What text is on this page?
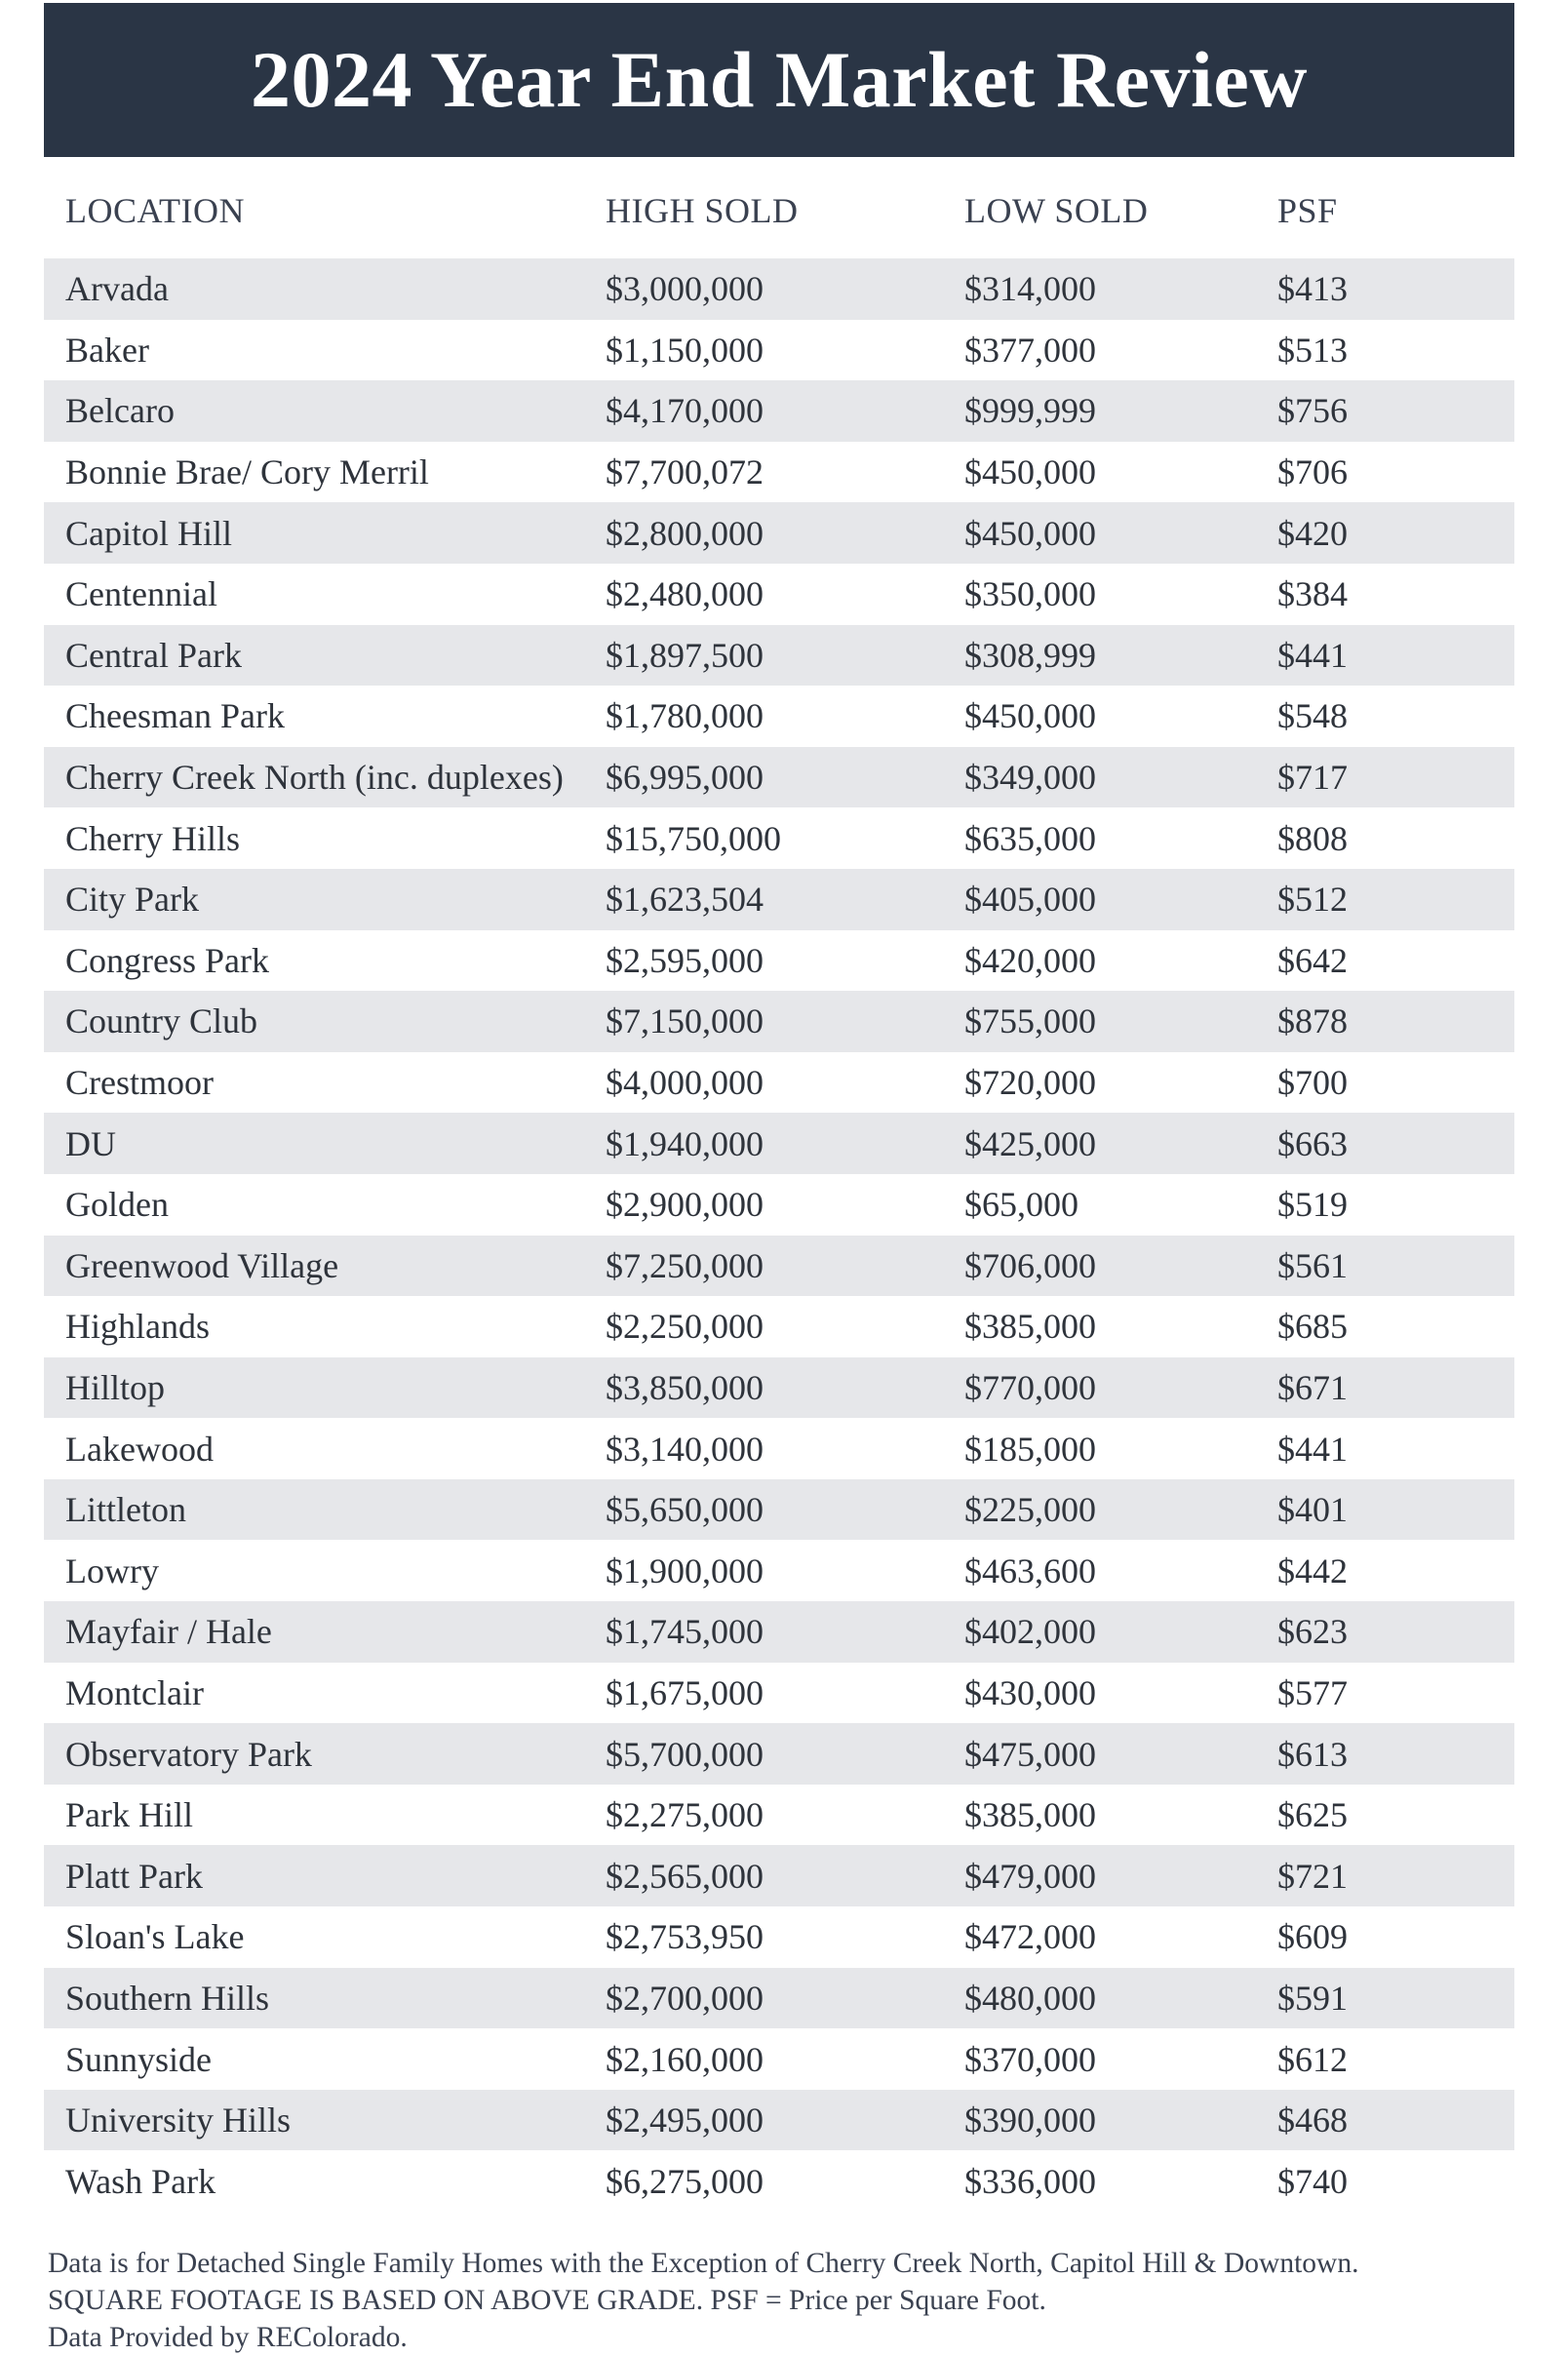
2024 Year End Market Review
LOCATION	HIGH SOLD	LOW SOLD	PSF
Arvada	$3,000,000	$314,000	$413
Baker	$1,150,000	$377,000	$513
Belcaro	$4,170,000	$999,999	$756
Bonnie Brae/ Cory Merril	$7,700,072	$450,000	$706
Capitol Hill	$2,800,000	$450,000	$420
Centennial	$2,480,000	$350,000	$384
Central Park	$1,897,500	$308,999	$441
Cheesman Park	$1,780,000	$450,000	$548
Cherry Creek North (inc. duplexes)	$6,995,000	$349,000	$717
Cherry Hills	$15,750,000	$635,000	$808
City Park	$1,623,504	$405,000	$512
Congress Park	$2,595,000	$420,000	$642
Country Club	$7,150,000	$755,000	$878
Crestmoor	$4,000,000	$720,000	$700
DU	$1,940,000	$425,000	$663
Golden	$2,900,000	$65,000	$519
Greenwood Village	$7,250,000	$706,000	$561
Highlands	$2,250,000	$385,000	$685
Hilltop	$3,850,000	$770,000	$671
Lakewood	$3,140,000	$185,000	$441
Littleton	$5,650,000	$225,000	$401
Lowry	$1,900,000	$463,600	$442
Mayfair / Hale	$1,745,000	$402,000	$623
Montclair	$1,675,000	$430,000	$577
Observatory Park	$5,700,000	$475,000	$613
Park Hill	$2,275,000	$385,000	$625
Platt Park	$2,565,000	$479,000	$721
Sloan's Lake	$2,753,950	$472,000	$609
Southern Hills	$2,700,000	$480,000	$591
Sunnyside	$2,160,000	$370,000	$612
University Hills	$2,495,000	$390,000	$468
Wash Park	$6,275,000	$336,000	$740
Data is for Detached Single Family Homes with the Exception of Cherry Creek North, Capitol Hill & Downtown.
SQUARE FOOTAGE IS BASED ON ABOVE GRADE. PSF = Price per Square Foot.
Data Provided by REColorado.
